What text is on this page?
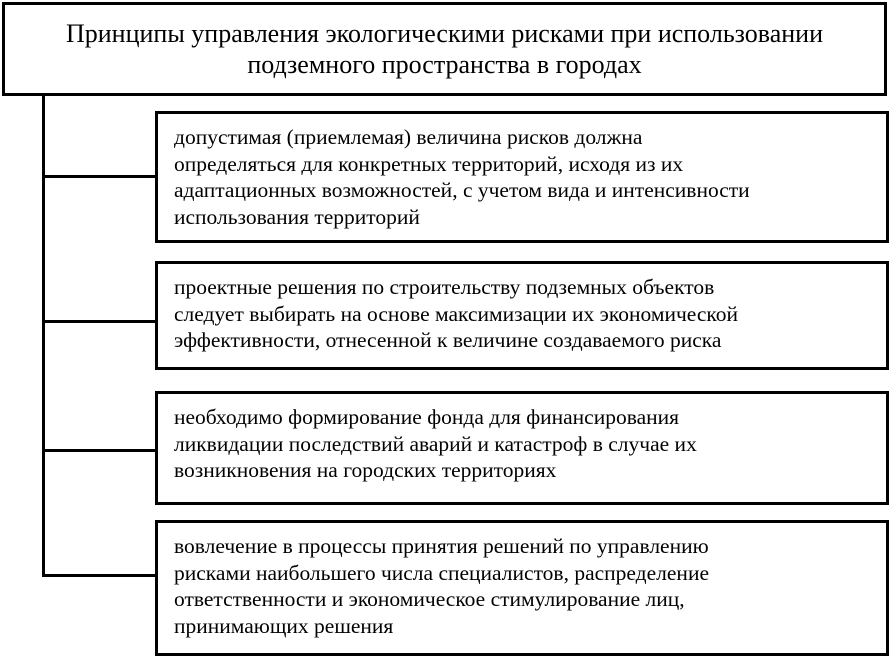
Принципы управления экологическими рисками при использовании
подземного пространства в городах
допустимая (приемлемая) величина рисков должна
определяться для конкретных территорий, исходя из их
адаптационных возможностей, с учетом вида и интенсивности
использования территорий
проектные решения по строительству подземных объектов
следует выбирать на основе максимизации их экономической
эффективности, отнесенной к величине создаваемого риска
необходимо формирование фонда для финансирования
ликвидации последствий аварий и катастроф в случае их
возникновения на городских территориях
вовлечение в процессы принятия решений по управлению
рисками наибольшего числа специалистов, распределение
ответственности и экономическое стимулирование лиц,
принимающих решения
